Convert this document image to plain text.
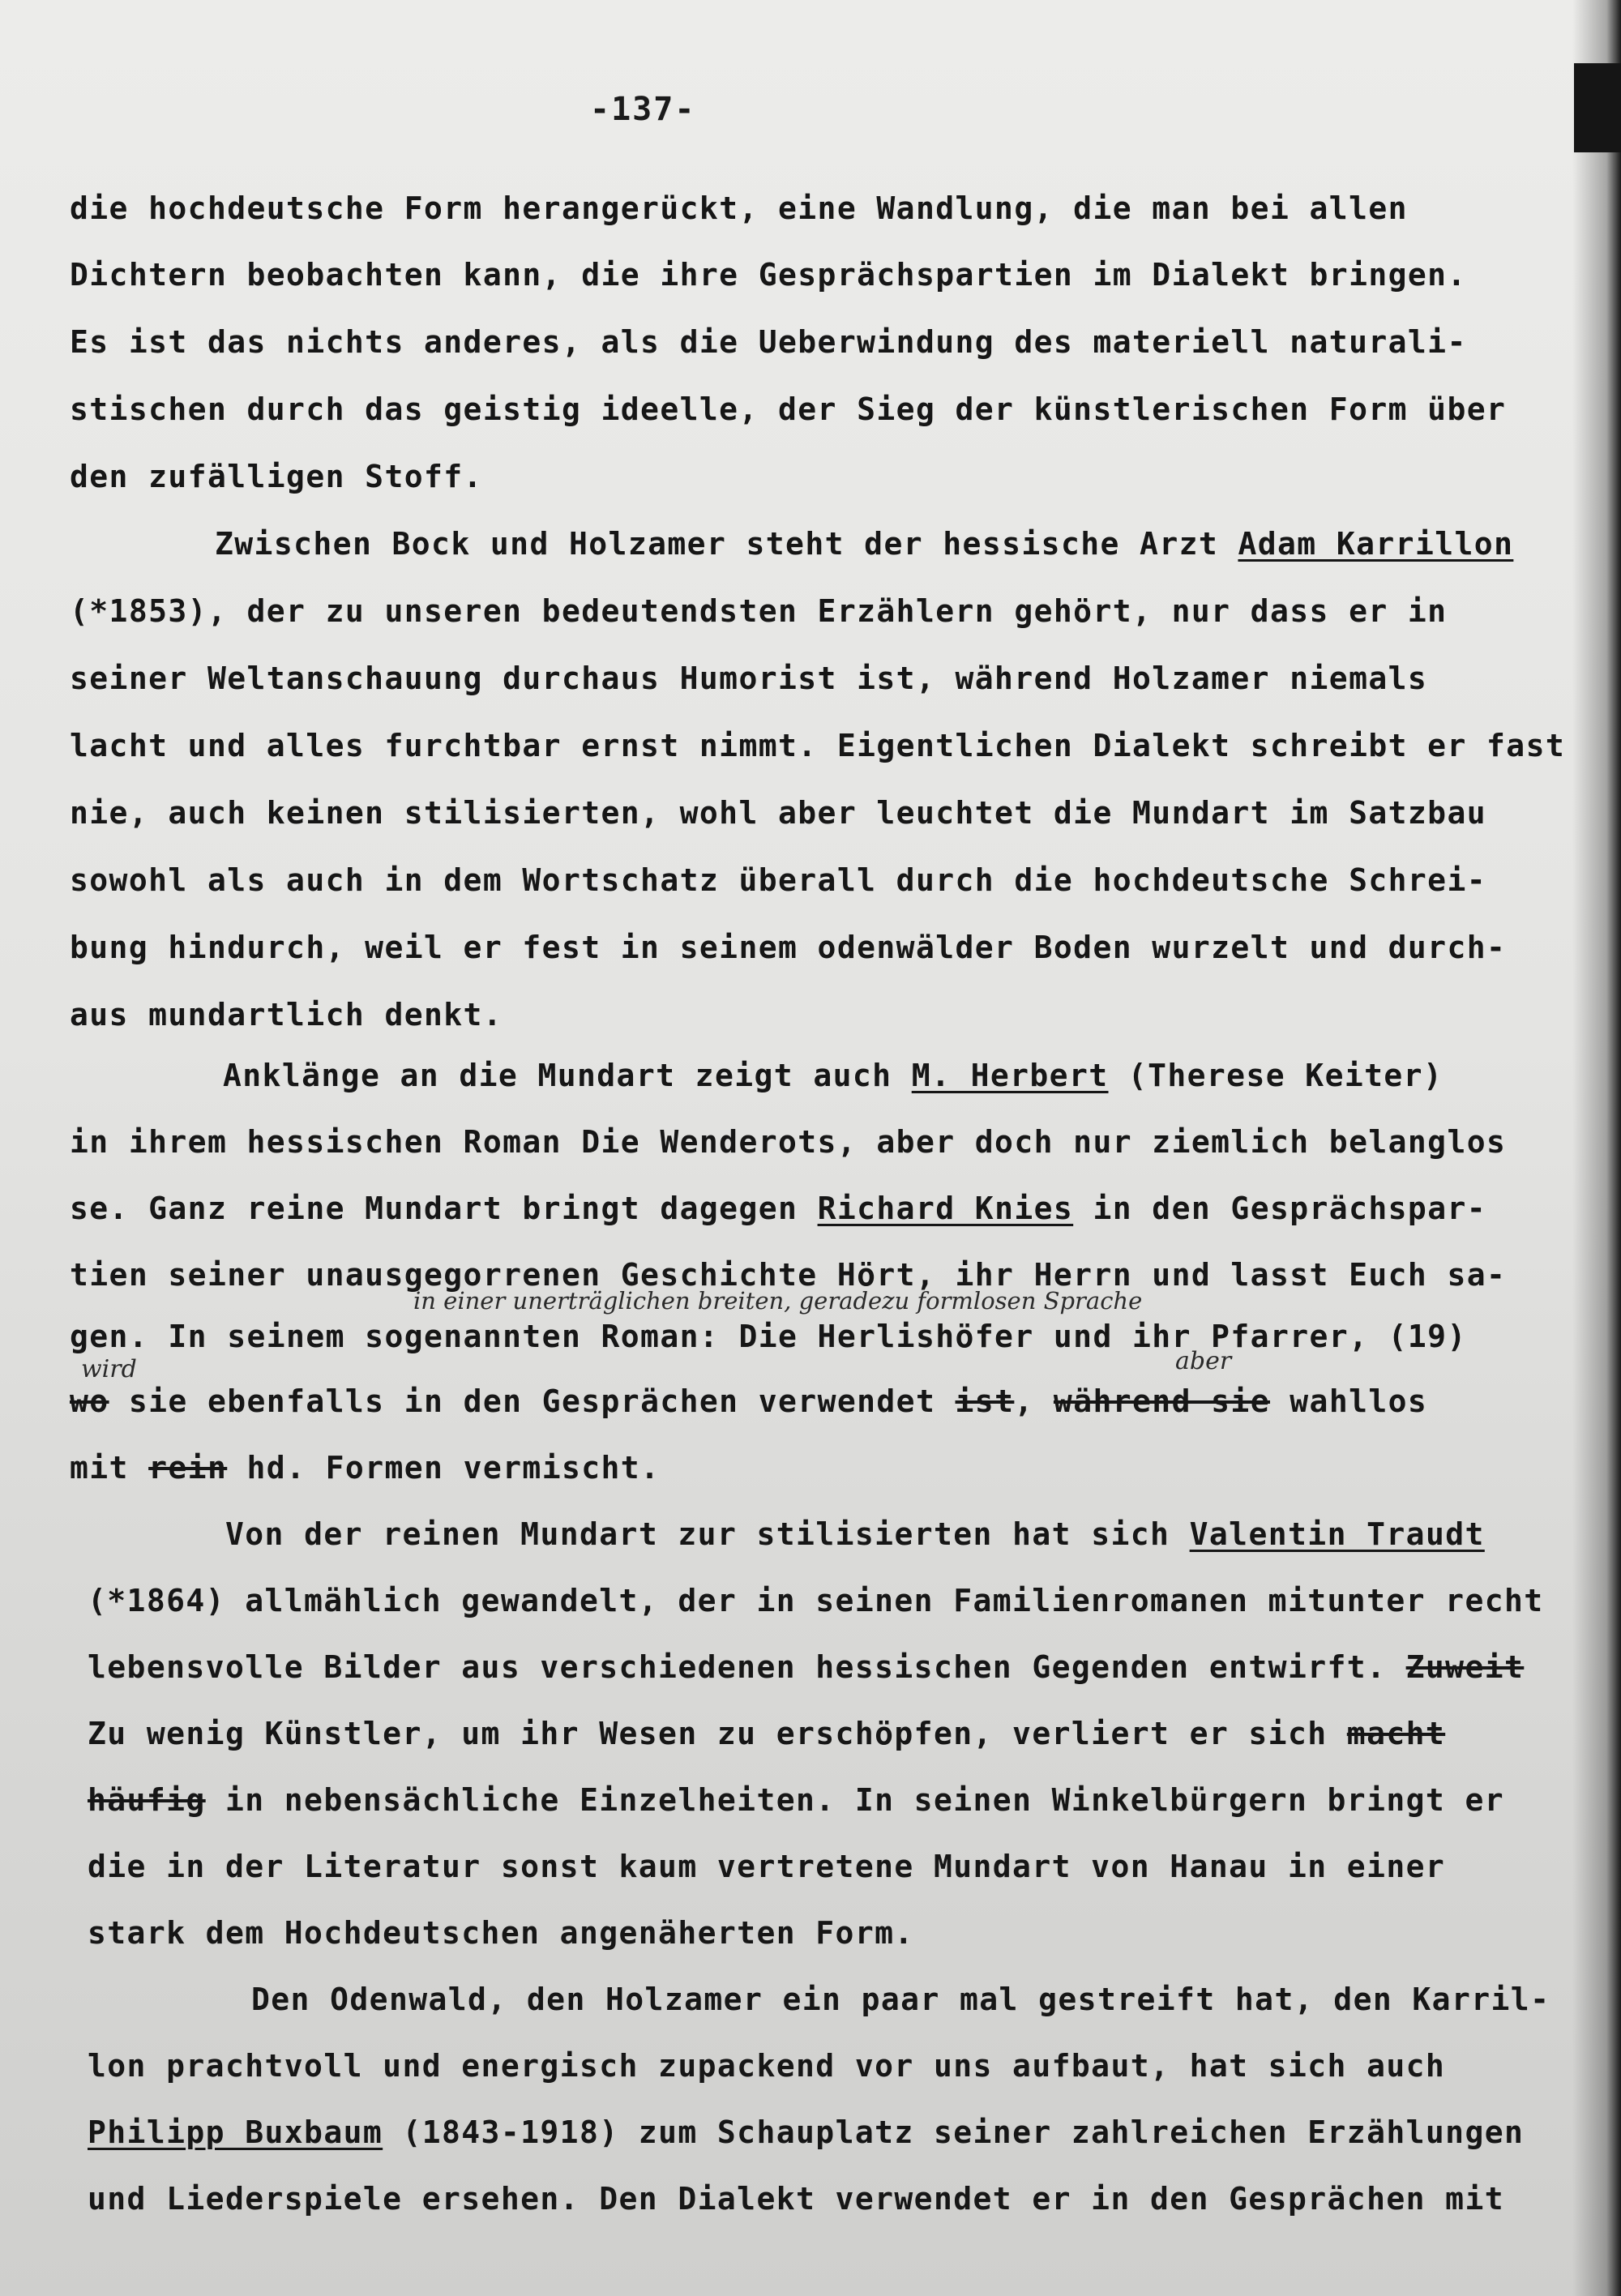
-137-
die hochdeutsche Form herangerückt, eine Wandlung, die man bei allen
Dichtern beobachten kann, die ihre Gesprächspartien im Dialekt bringen.
Es ist das nichts anderes, als die Ueberwindung des materiell naturali-
stischen durch das geistig ideelle, der Sieg der künstlerischen Form über
den zufälligen Stoff.
Zwischen Bock und Holzamer steht der hessische Arzt Adam Karrillon
(*1853), der zu unseren bedeutendsten Erzählern gehört, nur dass er in
seiner Weltanschauung durchaus Humorist ist, während Holzamer niemals
lacht und alles furchtbar ernst nimmt. Eigentlichen Dialekt schreibt er fast
nie, auch keinen stilisierten, wohl aber leuchtet die Mundart im Satzbau
sowohl als auch in dem Wortschatz überall durch die hochdeutsche Schrei-
bung hindurch, weil er fest in seinem odenwälder Boden wurzelt und durch-
aus mundartlich denkt.
Anklänge an die Mundart zeigt auch M. Herbert (Therese Keiter)
in ihrem hessischen Roman Die Wenderots, aber doch nur ziemlich belanglos
se. Ganz reine Mundart bringt dagegen Richard Knies in den Gesprächspar-
tien seiner unausgegorrenen Geschichte Hört, ihr Herrn und lasst Euch sa-
in einer unerträglichen breiten, geradezu formlosen Sprache
gen. In seinem sogenannten Roman: Die Herlishöfer und ihr Pfarrer, (19)
wird	aber
wo sie ebenfalls in den Gesprächen verwendet ist, während sie wahllos
mit rein hd. Formen vermischt.
Von der reinen Mundart zur stilisierten hat sich Valentin Traudt
(*1864) allmählich gewandelt, der in seinen Familienromanen mitunter recht
lebensvolle Bilder aus verschiedenen hessischen Gegenden entwirft. Zuweit
Zu wenig Künstler, um ihr Wesen zu erschöpfen, verliert er sich macht
häufig in nebensächliche Einzelheiten. In seinen Winkelbürgern bringt er
die in der Literatur sonst kaum vertretene Mundart von Hanau in einer
stark dem Hochdeutschen angenäherten Form.
Den Odenwald, den Holzamer ein paar mal gestreift hat, den Karril-
lon prachtvoll und energisch zupackend vor uns aufbaut, hat sich auch
Philipp Buxbaum (1843-1918) zum Schauplatz seiner zahlreichen Erzählungen
und Liederspiele ersehen. Den Dialekt verwendet er in den Gesprächen mit
